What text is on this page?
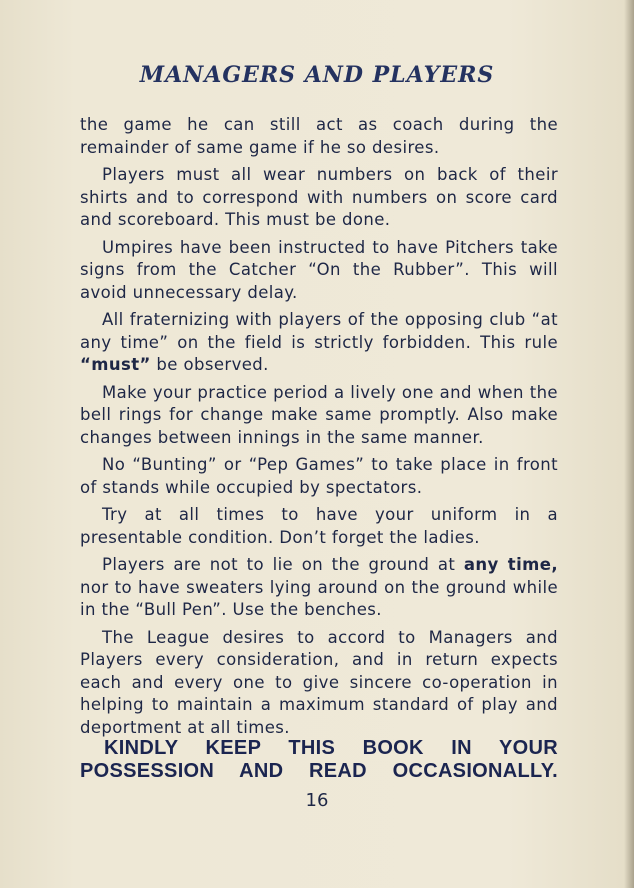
MANAGERS AND PLAYERS

the game he can still act as coach during the remainder of same game if he so desires.

Players must all wear numbers on back of their shirts and to correspond with numbers on score card and scoreboard. This must be done.

Umpires have been instructed to have Pitchers take signs from the Catcher “On the Rubber”. This will avoid unnecessary delay.

All fraternizing with players of the opposing club “at any time” on the field is strictly forbidden. This rule “must” be observed.

Make your practice period a lively one and when the bell rings for change make same promptly. Also make changes between innings in the same manner.

No “Bunting” or “Pep Games” to take place in front of stands while occupied by spectators.

Try at all times to have your uniform in a presentable condition. Don’t forget the ladies.

Players are not to lie on the ground at any time, nor to have sweaters lying around on the ground while in the “Bull Pen”. Use the benches.

The League desires to accord to Managers and Players every consideration, and in return expects each and every one to give sincere co-operation in helping to maintain a maximum standard of play and deportment at all times.

KINDLY KEEP THIS BOOK IN YOUR
POSSESSION AND READ OCCASIONALLY.
16
